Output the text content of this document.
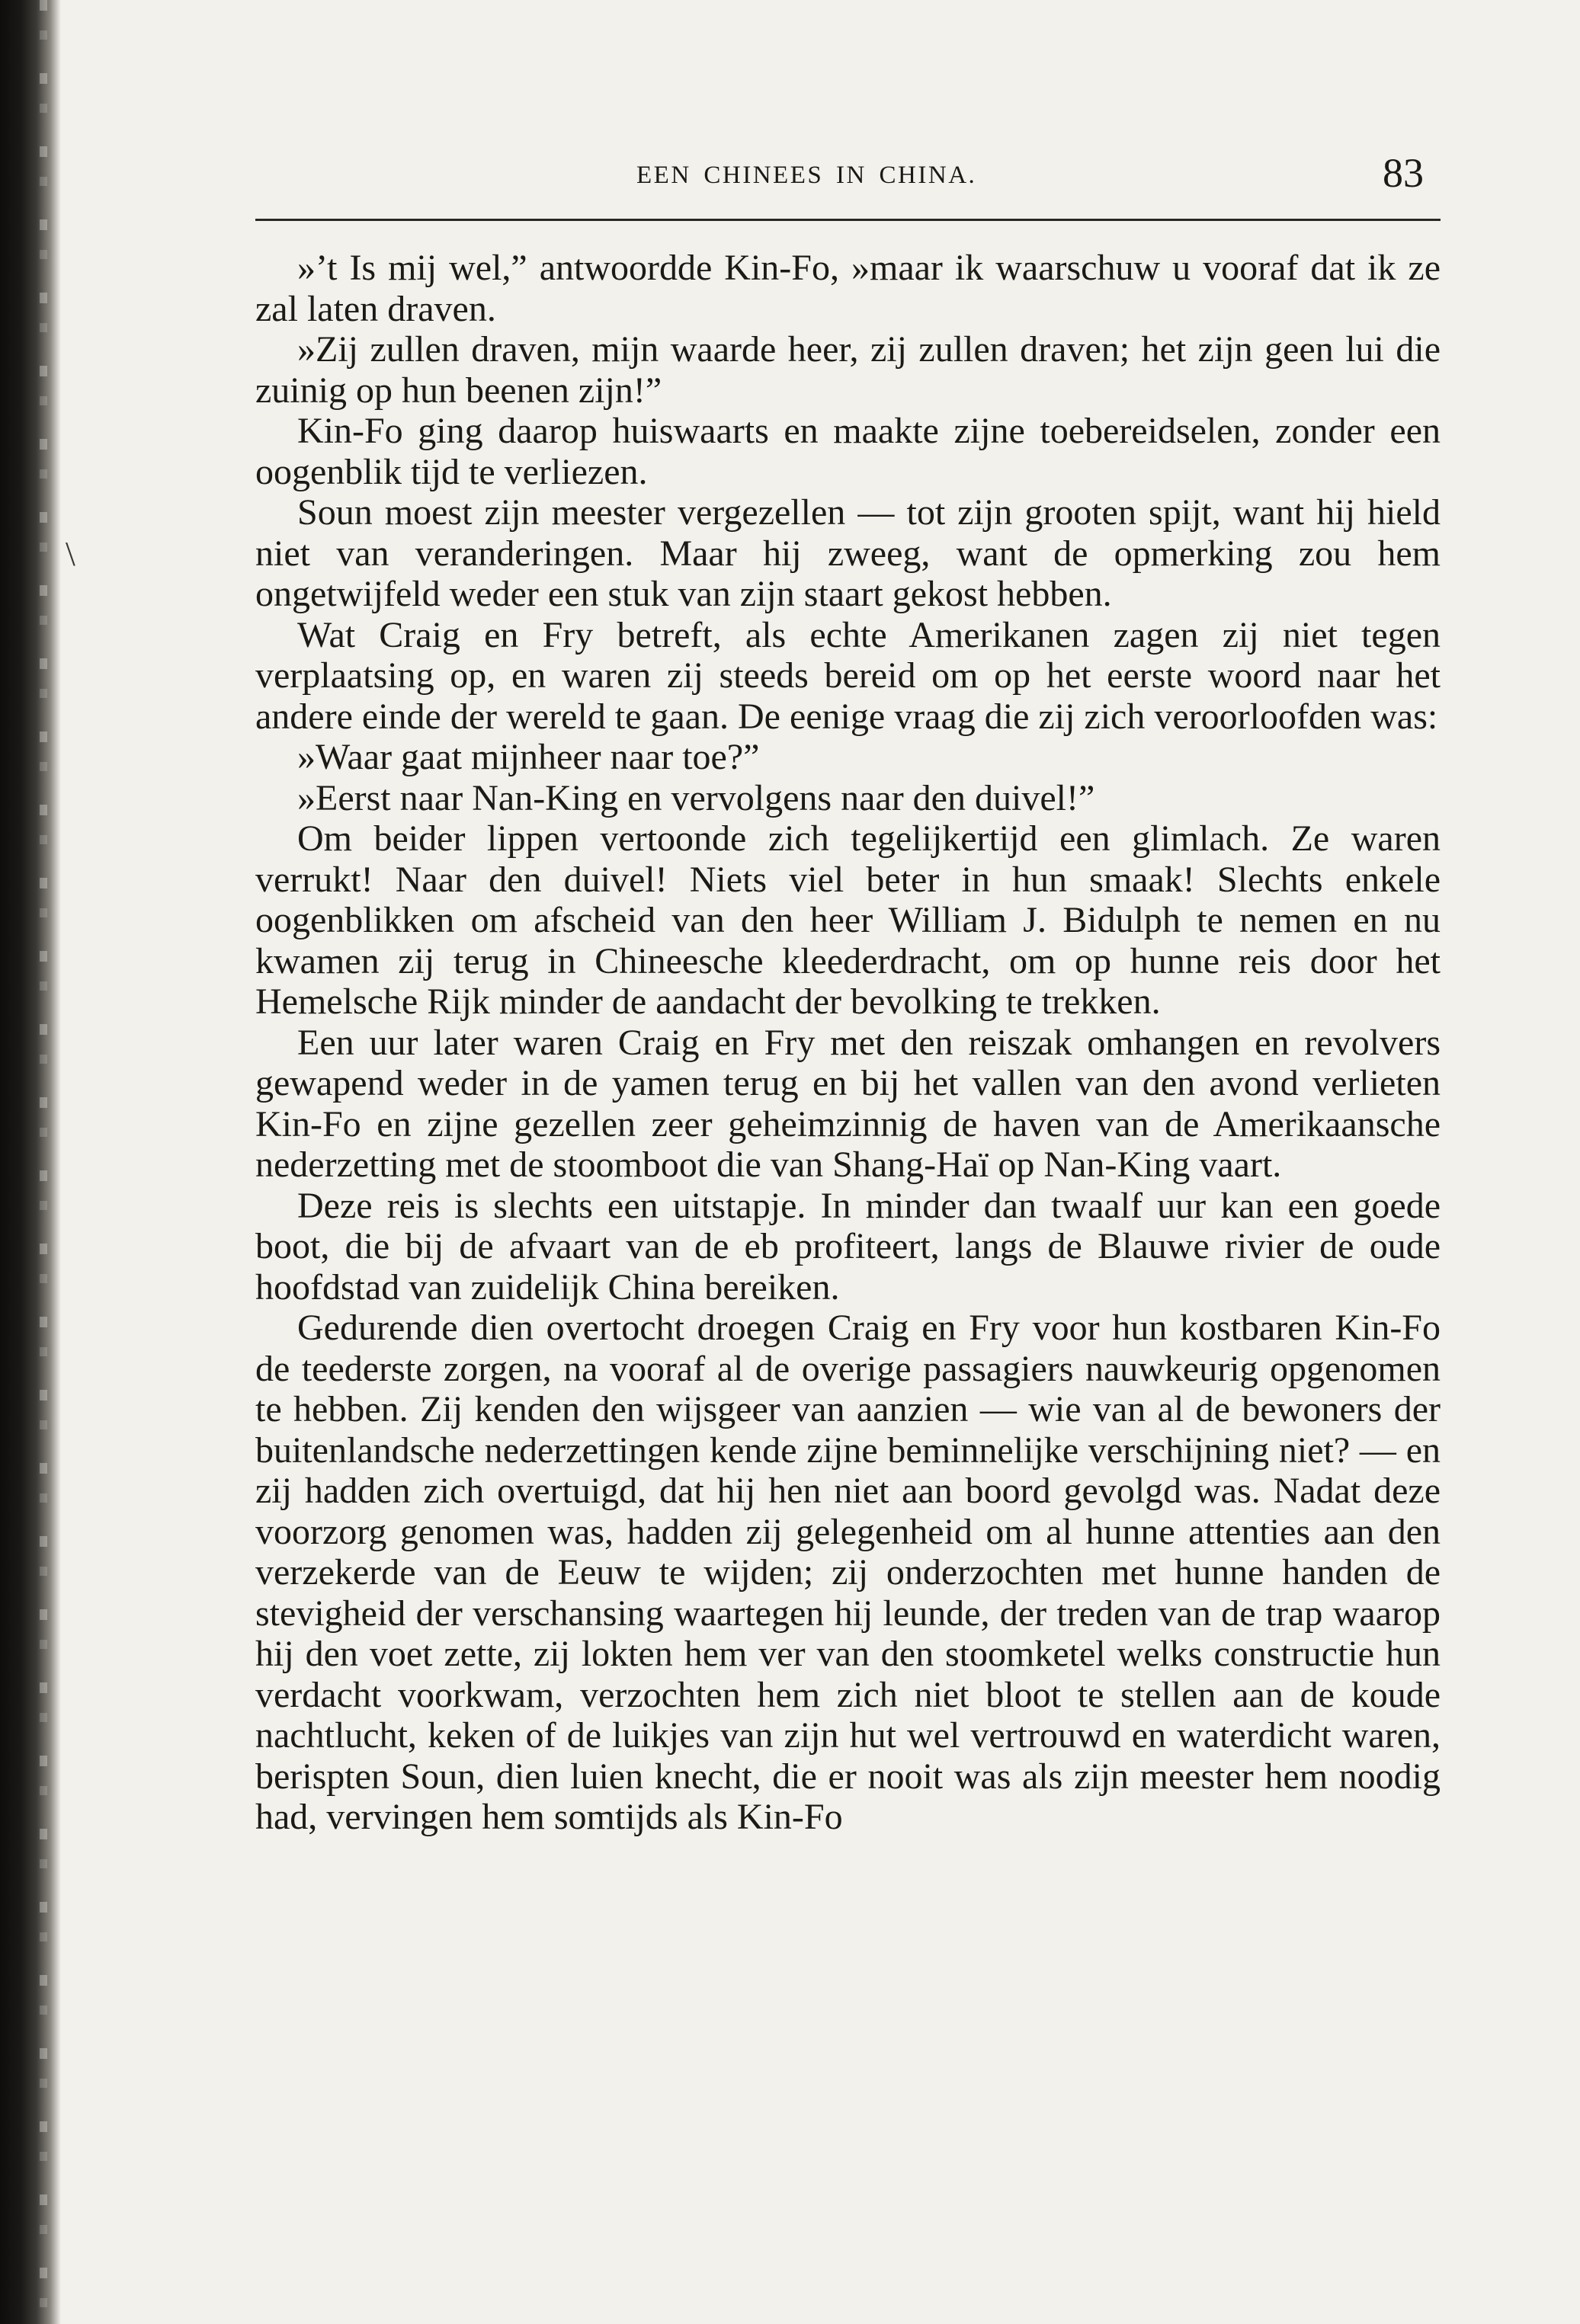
\
EEN CHINEES IN CHINA.	83

»’t Is mij wel,” antwoordde Kin-Fo, »maar ik waarschuw u vooraf dat ik ze zal laten draven.

»Zij zullen draven, mijn waarde heer, zij zullen draven; het zijn geen lui die zuinig op hun beenen zijn!”

Kin-Fo ging daarop huiswaarts en maakte zijne toebereidselen, zonder een oogenblik tijd te verliezen.

Soun moest zijn meester vergezellen — tot zijn grooten spijt, want hij hield niet van veranderingen. Maar hij zweeg, want de opmerking zou hem ongetwijfeld weder een stuk van zijn staart gekost hebben.

Wat Craig en Fry betreft, als echte Amerikanen zagen zij niet tegen verplaatsing op, en waren zij steeds bereid om op het eerste woord naar het andere einde der wereld te gaan. De eenige vraag die zij zich veroorloofden was:

»Waar gaat mijnheer naar toe?”

»Eerst naar Nan-King en vervolgens naar den duivel!”

Om beider lippen vertoonde zich tegelijkertijd een glimlach. Ze waren verrukt! Naar den duivel! Niets viel beter in hun smaak! Slechts enkele oogenblikken om afscheid van den heer William J. Bidulph te nemen en nu kwamen zij terug in Chineesche kleederdracht, om op hunne reis door het Hemelsche Rijk minder de aandacht der bevolking te trekken.

Een uur later waren Craig en Fry met den reiszak omhangen en revolvers gewapend weder in de yamen terug en bij het vallen van den avond verlieten Kin-Fo en zijne gezellen zeer geheimzinnig de haven van de Amerikaansche nederzetting met de stoomboot die van Shang-Haï op Nan-King vaart.

Deze reis is slechts een uitstapje. In minder dan twaalf uur kan een goede boot, die bij de afvaart van de eb profiteert, langs de Blauwe rivier de oude hoofdstad van zuidelijk China bereiken.

Gedurende dien overtocht droegen Craig en Fry voor hun kostbaren Kin-Fo de teederste zorgen, na vooraf al de overige passagiers nauwkeurig opgenomen te hebben. Zij kenden den wijsgeer van aanzien — wie van al de bewoners der buitenlandsche nederzettingen kende zijne beminnelijke verschijning niet? — en zij hadden zich overtuigd, dat hij hen niet aan boord gevolgd was. Nadat deze voorzorg genomen was, hadden zij gelegenheid om al hunne attenties aan den verzekerde van de Eeuw te wijden; zij onderzochten met hunne handen de stevigheid der verschansing waartegen hij leunde, der treden van de trap waarop hij den voet zette, zij lokten hem ver van den stoomketel welks constructie hun verdacht voorkwam, verzochten hem zich niet bloot te stellen aan de koude nachtlucht, keken of de luikjes van zijn hut wel vertrouwd en waterdicht waren, berispten Soun, dien luien knecht, die er nooit was als zijn meester hem noodig had, vervingen hem somtijds als Kin-Fo
